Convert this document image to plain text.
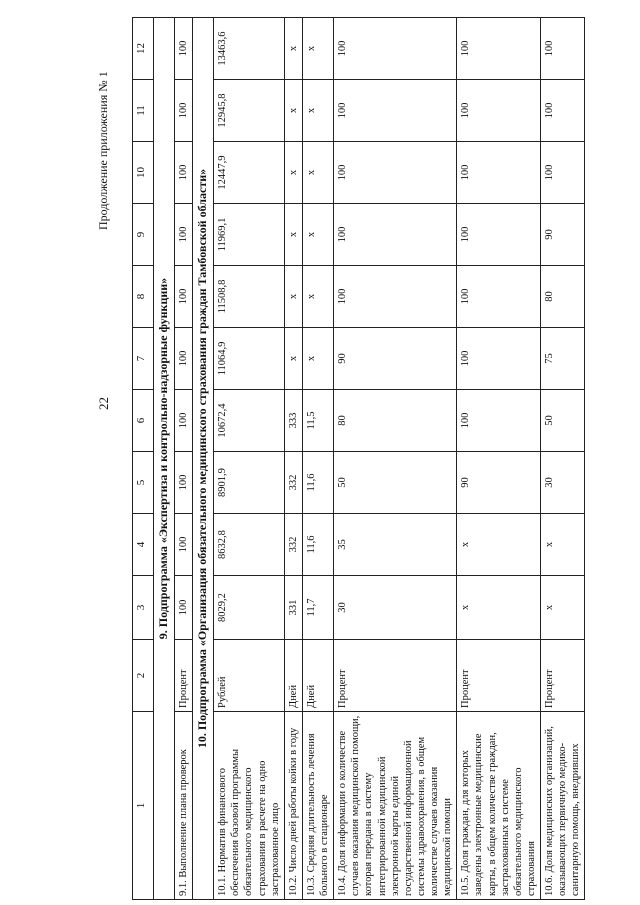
22
Продолжение приложения № 1
1	2	3	4	5	6	7	8	9	10	11	12
9. Подпрограмма «Экспертиза и контрольно-надзорные функции»											
9.1. Выполнение плана проверок	Процент	100	100	100	100	100	100	100	100	100	100
10. Подпрограмма «Организация обязательного медицинского страхования граждан Тамбовской области»											
10.1. Норматив финансового обеспечения базовой программы обязательного медицинского страхования в расчете на одно застрахованное лицо	Рублей	8029,2	8632,8	8901,9	10672,4	11064,9	11508,8	11969,1	12447,9	12945,8	13463,6
10.2. Число дней работы койки в году	Дней	331	332	332	333	х	х	х	х	х	х
10.3. Средняя длительность лечения больного в стационаре	Дней	11,7	11,6	11,6	11,5	х	х	х	х	х	х
10.4. Доля информации о количестве случаев оказания медицинской помощи, которая передана в систему интегрированной медицинской электронной карты единой государственной информационной системы здравоохранения, в общем количестве случаев оказания медицинской помощи	Процент	30	35	50	80	90	100	100	100	100	100
10.5. Доля граждан, для которых заведены электронные медицинские карты, в общем количестве граждан, застрахованных в системе обязательного медицинского страхования	Процент	х	х	90	100	100	100	100	100	100	100
10.6. Доля медицинских организаций, оказывающих первичную медико-санитарную помощь, внедривших	Процент	х	х	30	50	75	80	90	100	100	100
